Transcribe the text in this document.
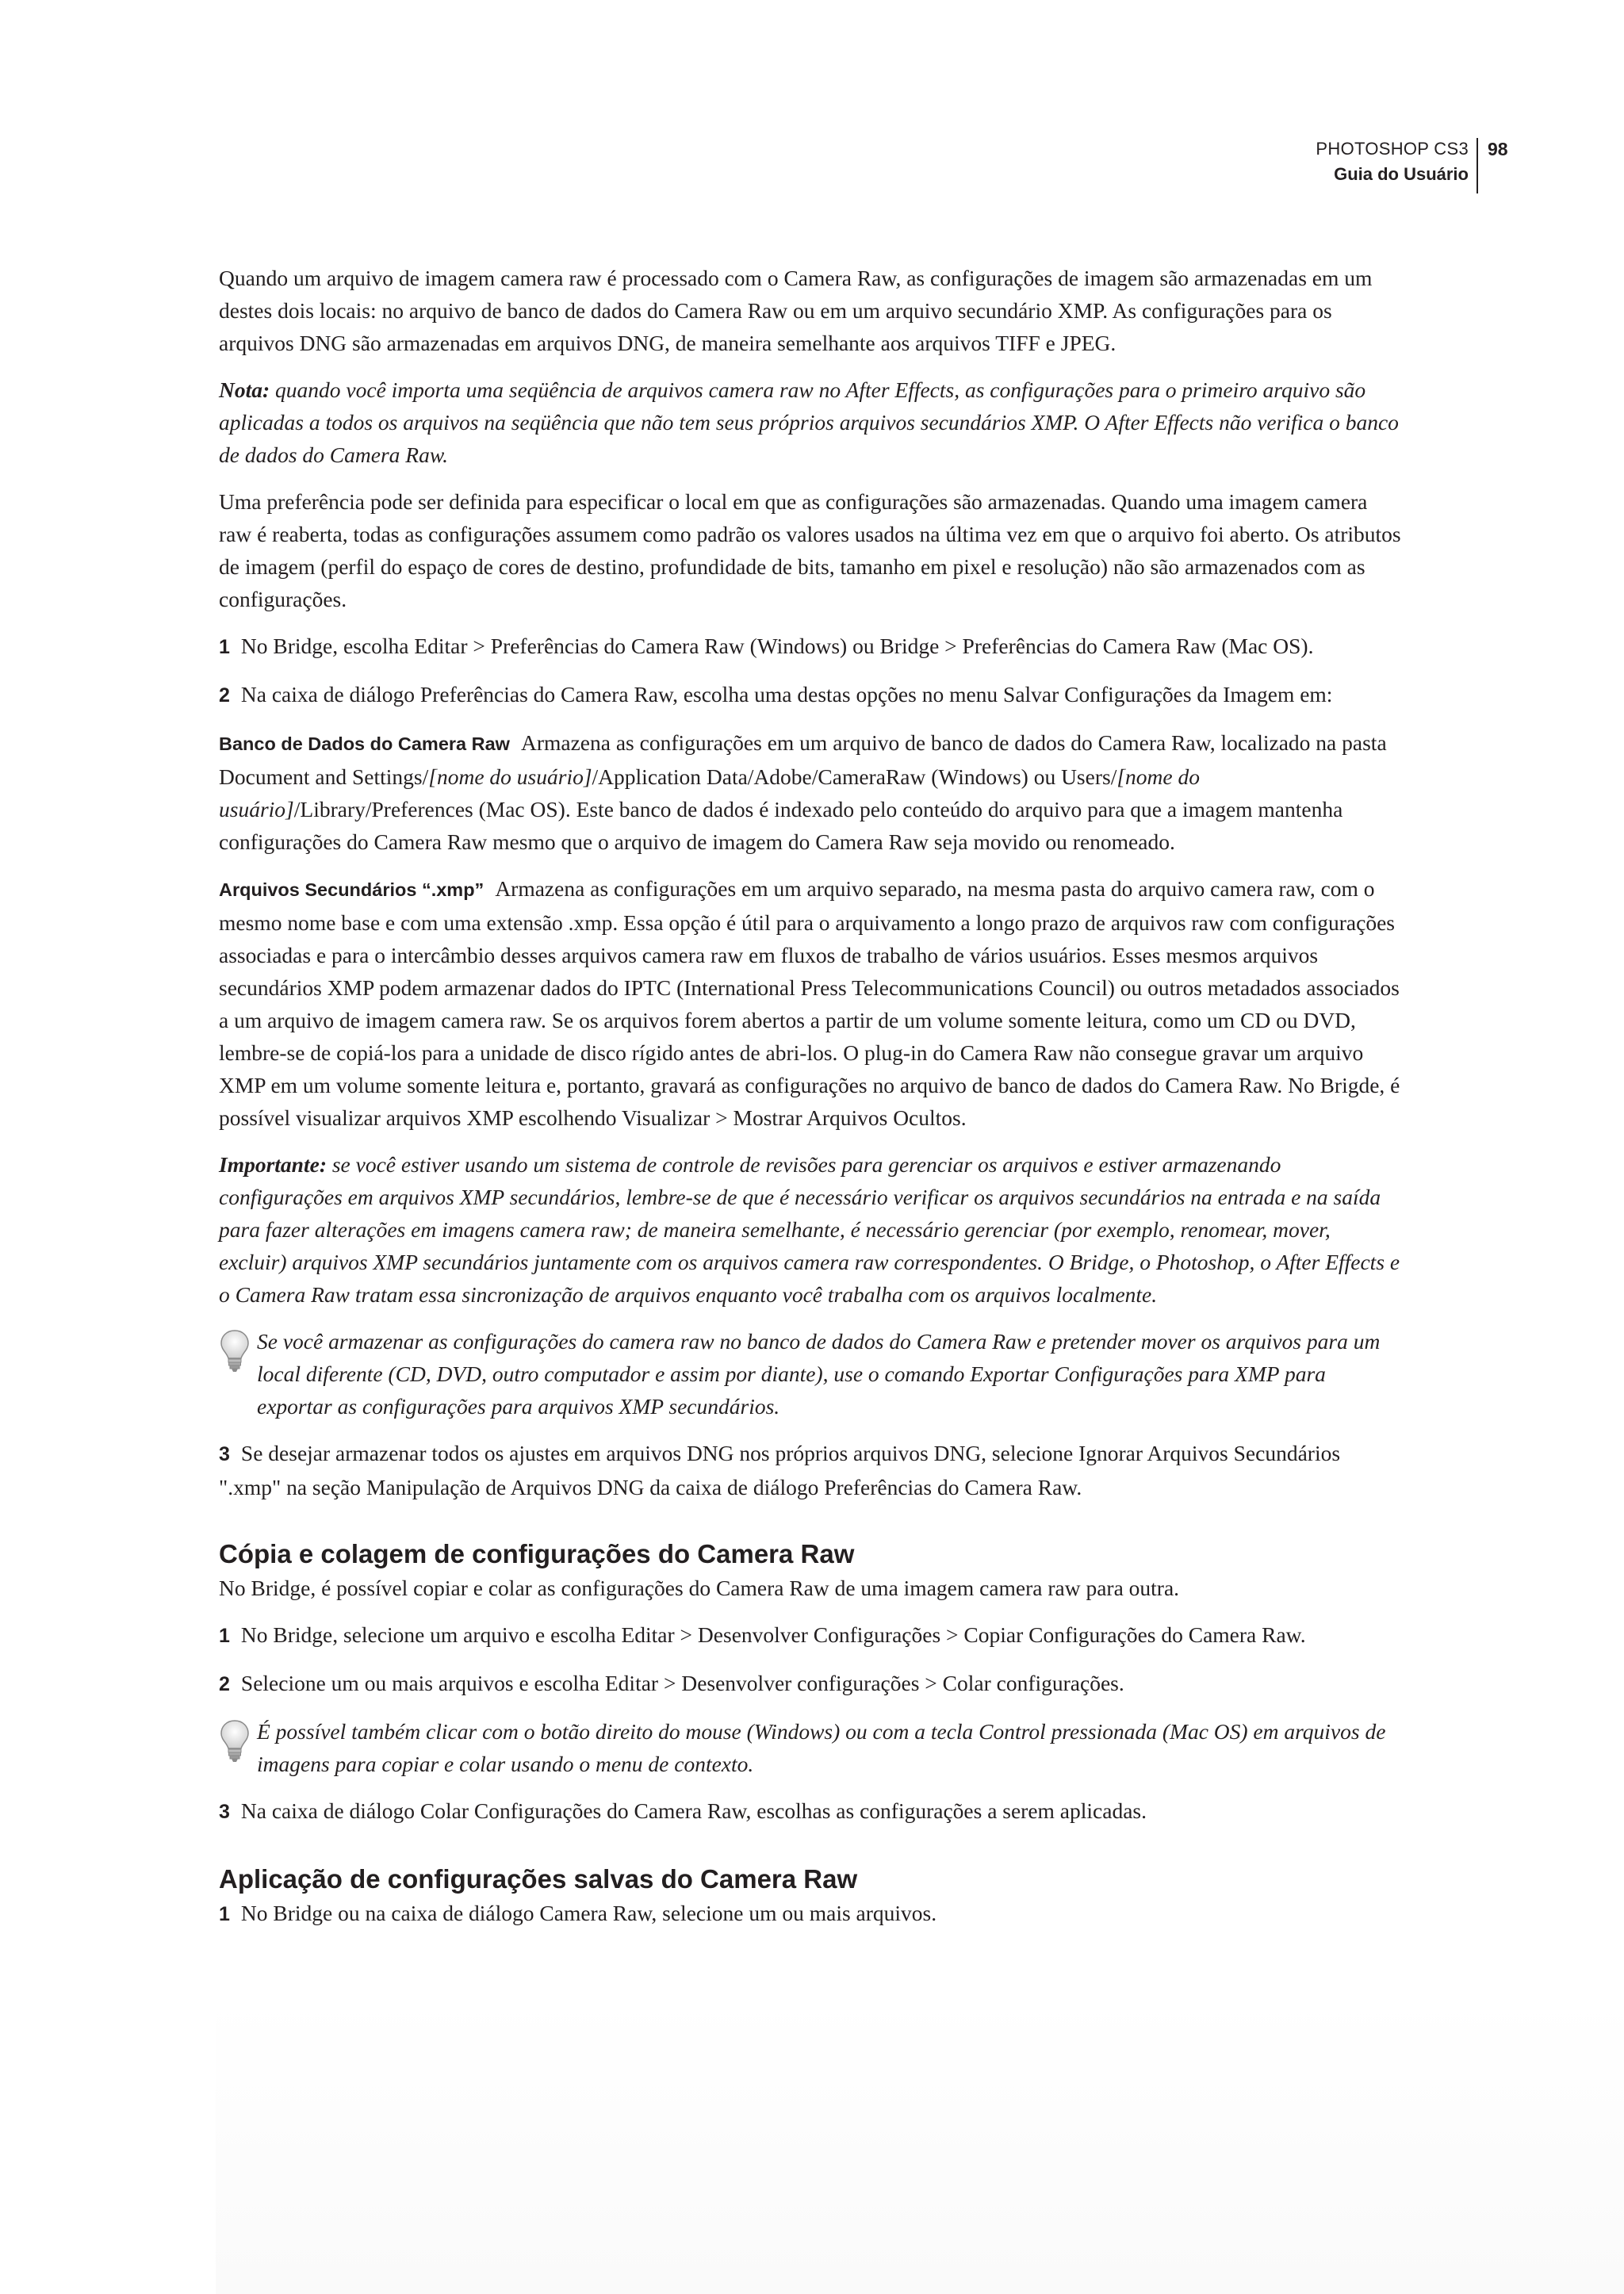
PHOTOSHOP CS3
Guia do Usuário
98

Quando um arquivo de imagem camera raw é processado com o Camera Raw, as configurações de imagem são armazenadas em um destes dois locais: no arquivo de banco de dados do Camera Raw ou em um arquivo secundário XMP. As configurações para os arquivos DNG são armazenadas em arquivos DNG, de maneira semelhante aos arquivos TIFF e JPEG.

Nota: quando você importa uma seqüência de arquivos camera raw no After Effects, as configurações para o primeiro arquivo são aplicadas a todos os arquivos na seqüência que não tem seus próprios arquivos secundários XMP. O After Effects não verifica o banco de dados do Camera Raw.

Uma preferência pode ser definida para especificar o local em que as configurações são armazenadas. Quando uma imagem camera raw é reaberta, todas as configurações assumem como padrão os valores usados na última vez em que o arquivo foi aberto. Os atributos de imagem (perfil do espaço de cores de destino, profundidade de bits, tamanho em pixel e resolução) não são armazenados com as configurações.

1 No Bridge, escolha Editar > Preferências do Camera Raw (Windows) ou Bridge > Preferências do Camera Raw (Mac OS).

2 Na caixa de diálogo Preferências do Camera Raw, escolha uma destas opções no menu Salvar Configurações da Imagem em:

Banco de Dados do Camera Raw Armazena as configurações em um arquivo de banco de dados do Camera Raw, localizado na pasta Document and Settings/[nome do usuário]/Application Data/Adobe/CameraRaw (Windows) ou Users/[nome do usuário]/Library/Preferences (Mac OS). Este banco de dados é indexado pelo conteúdo do arquivo para que a imagem mantenha configurações do Camera Raw mesmo que o arquivo de imagem do Camera Raw seja movido ou renomeado.

Arquivos Secundários “.xmp” Armazena as configurações em um arquivo separado, na mesma pasta do arquivo camera raw, com o mesmo nome base e com uma extensão .xmp. Essa opção é útil para o arquivamento a longo prazo de arquivos raw com configurações associadas e para o intercâmbio desses arquivos camera raw em fluxos de trabalho de vários usuários. Esses mesmos arquivos secundários XMP podem armazenar dados do IPTC (International Press Telecommunications Council) ou outros metadados associados a um arquivo de imagem camera raw. Se os arquivos forem abertos a partir de um volume somente leitura, como um CD ou DVD, lembre-se de copiá-los para a unidade de disco rígido antes de abri-los. O plug-in do Camera Raw não consegue gravar um arquivo XMP em um volume somente leitura e, portanto, gravará as configurações no arquivo de banco de dados do Camera Raw. No Brigde, é possível visualizar arquivos XMP escolhendo Visualizar > Mostrar Arquivos Ocultos.

Importante: se você estiver usando um sistema de controle de revisões para gerenciar os arquivos e estiver armazenando configurações em arquivos XMP secundários, lembre-se de que é necessário verificar os arquivos secundários na entrada e na saída para fazer alterações em imagens camera raw; de maneira semelhante, é necessário gerenciar (por exemplo, renomear, mover, excluir) arquivos XMP secundários juntamente com os arquivos camera raw correspondentes. O Bridge, o Photoshop, o After Effects e o Camera Raw tratam essa sincronização de arquivos enquanto você trabalha com os arquivos localmente.

Se você armazenar as configurações do camera raw no banco de dados do Camera Raw e pretender mover os arquivos para um local diferente (CD, DVD, outro computador e assim por diante), use o comando Exportar Configurações para XMP para exportar as configurações para arquivos XMP secundários.

3 Se desejar armazenar todos os ajustes em arquivos DNG nos próprios arquivos DNG, selecione Ignorar Arquivos Secundários ".xmp" na seção Manipulação de Arquivos DNG da caixa de diálogo Preferências do Camera Raw.

Cópia e colagem de configurações do Camera Raw

No Bridge, é possível copiar e colar as configurações do Camera Raw de uma imagem camera raw para outra.

1 No Bridge, selecione um arquivo e escolha Editar > Desenvolver Configurações > Copiar Configurações do Camera Raw.

2 Selecione um ou mais arquivos e escolha Editar > Desenvolver configurações > Colar configurações.

É possível também clicar com o botão direito do mouse (Windows) ou com a tecla Control pressionada (Mac OS) em arquivos de imagens para copiar e colar usando o menu de contexto.

3 Na caixa de diálogo Colar Configurações do Camera Raw, escolhas as configurações a serem aplicadas.

Aplicação de configurações salvas do Camera Raw

1 No Bridge ou na caixa de diálogo Camera Raw, selecione um ou mais arquivos.
